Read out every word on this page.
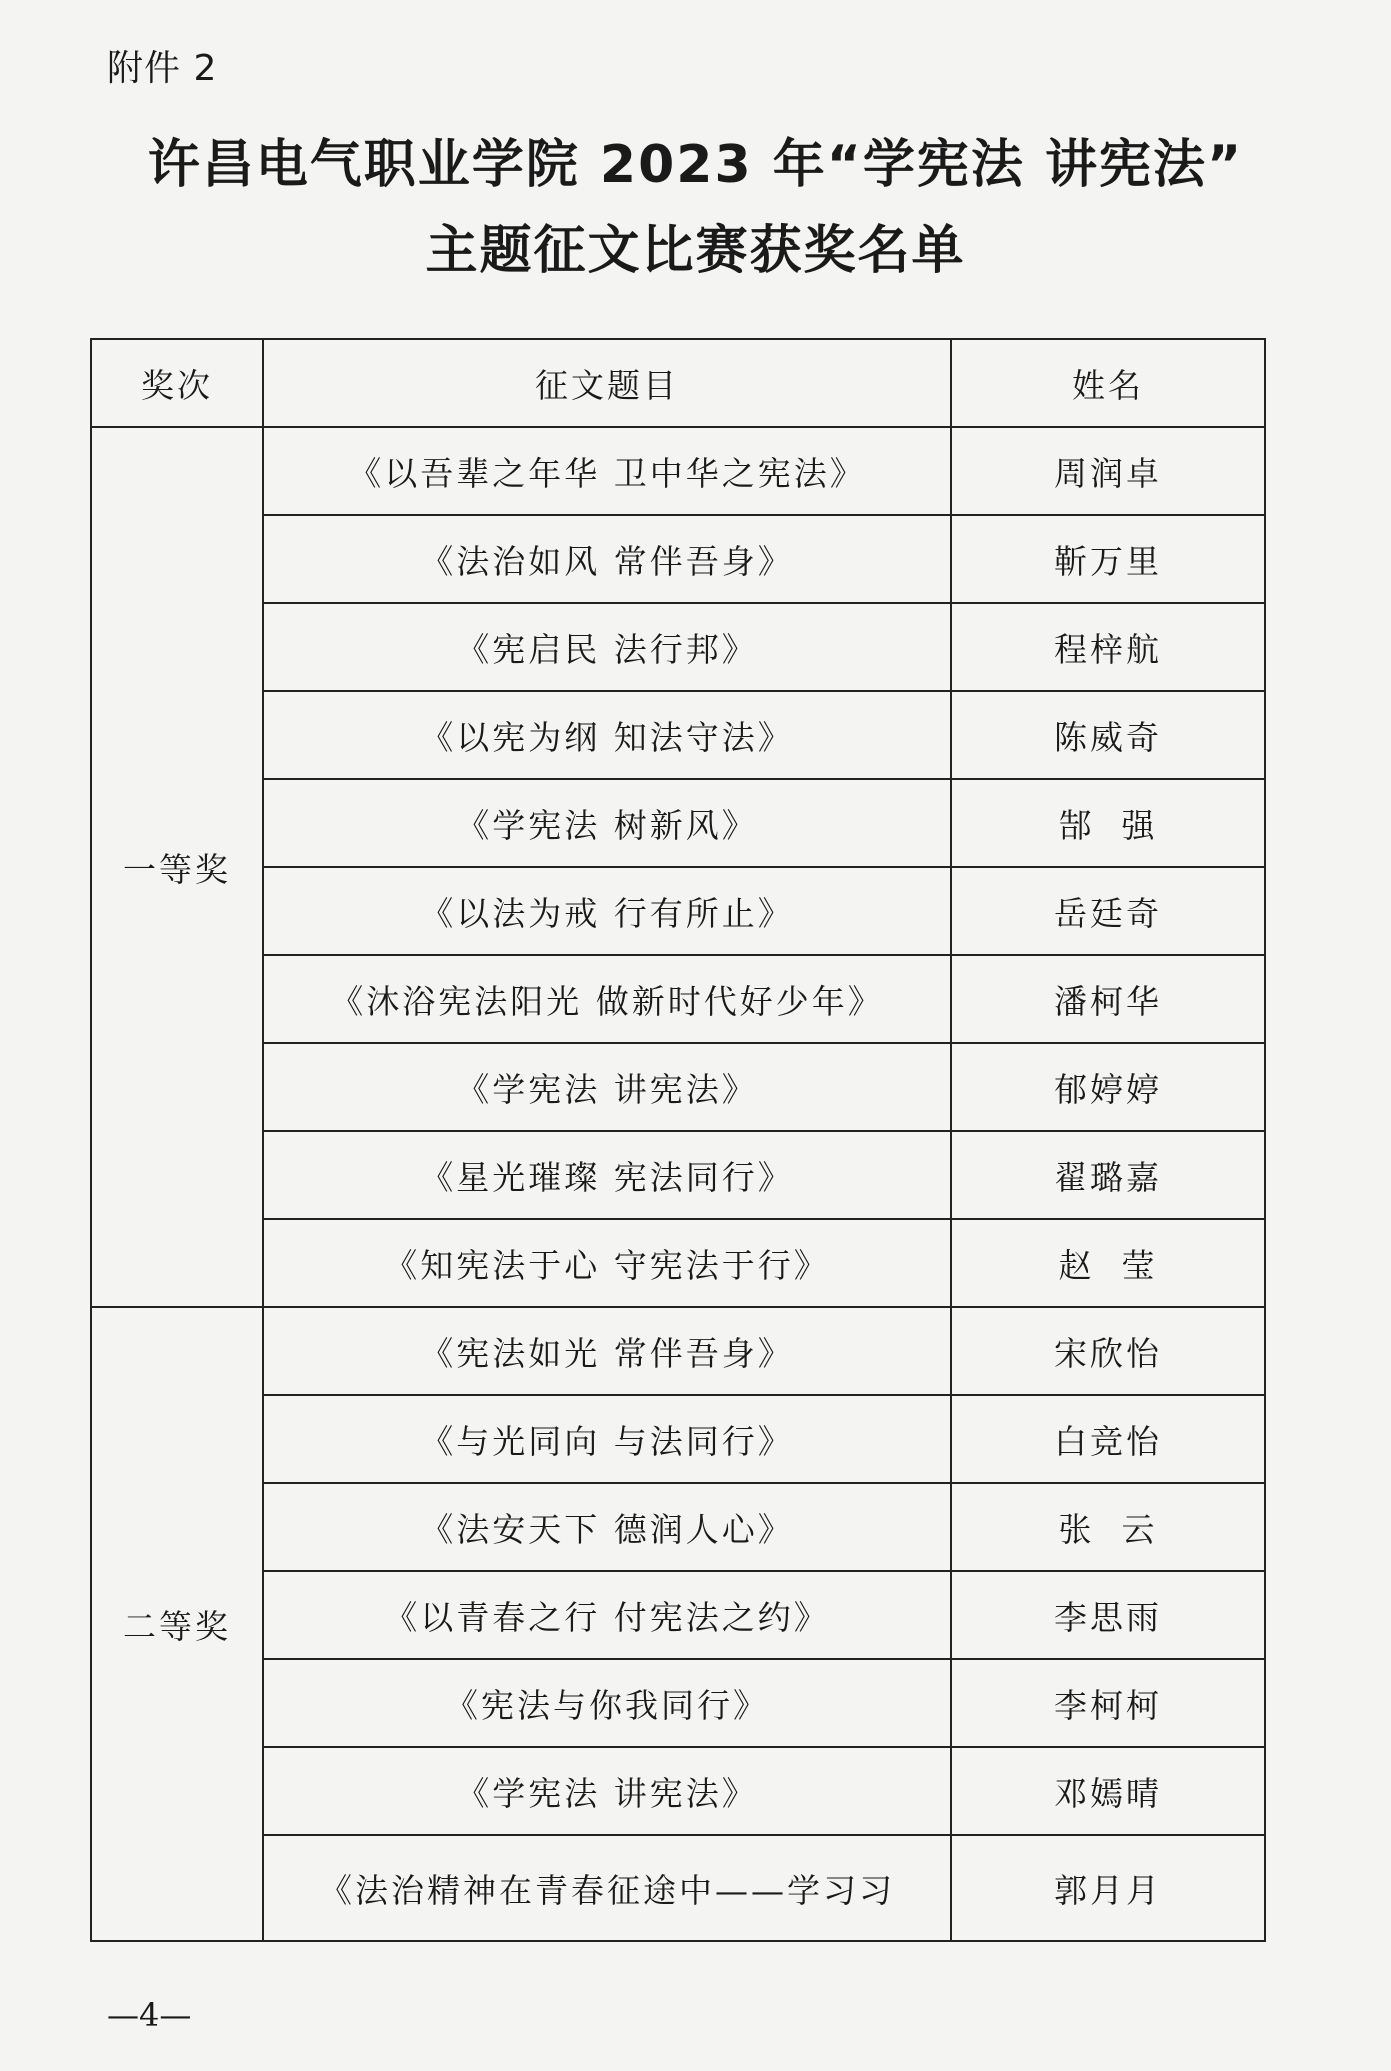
附件 2
许昌电气职业学院 2023 年“学宪法 讲宪法”
主题征文比赛获奖名单
奖次	征文题目	姓名
一等奖	《以吾辈之年华 卫中华之宪法》	周润卓
	《法治如风 常伴吾身》	靳万里
	《宪启民 法行邦》	程梓航
	《以宪为纲 知法守法》	陈威奇
	《学宪法 树新风》	郜  强
	《以法为戒 行有所止》	岳廷奇
	《沐浴宪法阳光 做新时代好少年》	潘柯华
	《学宪法 讲宪法》	郁婷婷
	《星光璀璨 宪法同行》	翟璐嘉
	《知宪法于心 守宪法于行》	赵  莹
二等奖	《宪法如光 常伴吾身》	宋欣怡
	《与光同向 与法同行》	白竞怡
	《法安天下 德润人心》	张  云
	《以青春之行 付宪法之约》	李思雨
	《宪法与你我同行》	李柯柯
	《学宪法 讲宪法》	邓嫣晴
	《法治精神在青春征途中——学习习	郭月月
—4—
